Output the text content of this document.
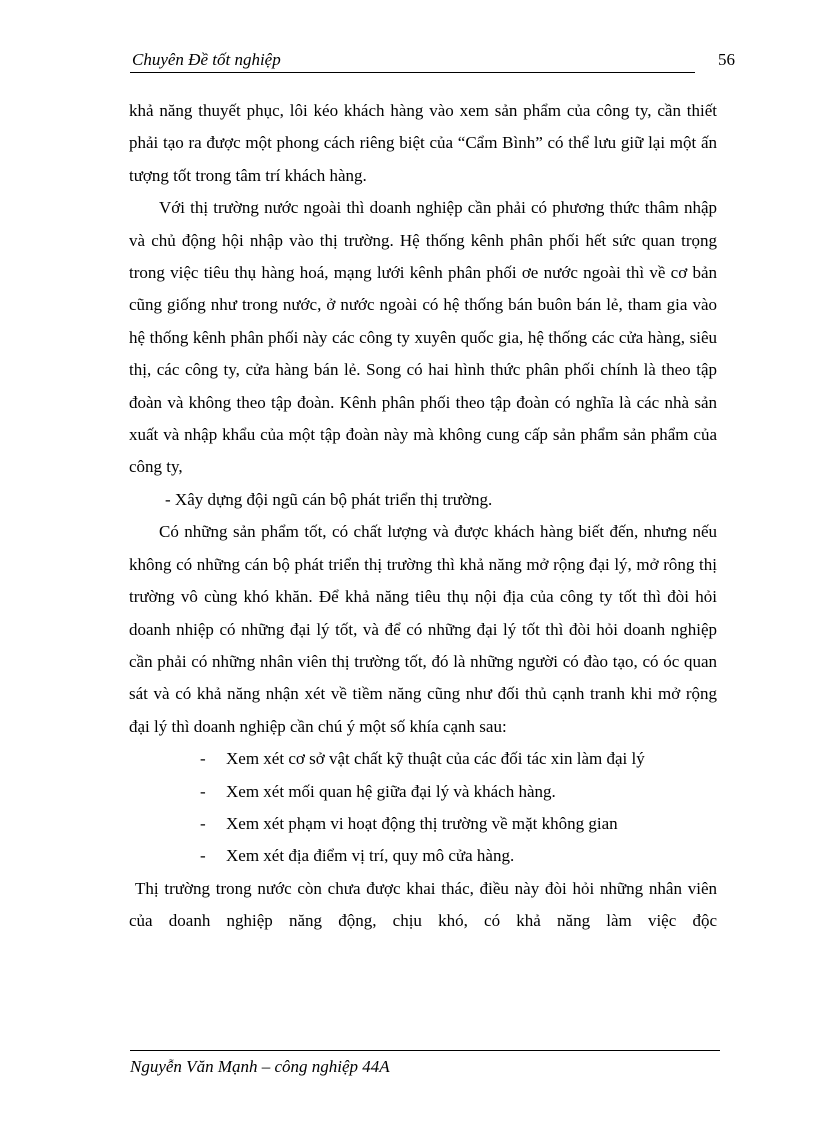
Chuyên Đề tốt nghiệp	56

khả năng thuyết phục, lôi kéo khách hàng vào xem sản phẩm của công ty, cần thiết phải tạo ra được một phong cách riêng biệt của “Cẩm Bình” có thể lưu giữ lại một ấn tượng tốt trong tâm trí khách hàng.

Với thị trường nước ngoài thì doanh nghiệp cần phải có phương thức thâm nhập và chủ động hội nhập vào thị trường. Hệ thống kênh phân phối hết sức quan trọng trong việc tiêu thụ hàng hoá, mạng lưới kênh phân phối ơe nước ngoài thì về cơ bản cũng giống như trong nước, ở nước ngoài có hệ thống bán buôn bán lẻ, tham gia vào hệ thống kênh phân phối này các công ty xuyên quốc gia, hệ thống các cửa hàng, siêu thị, các công ty, cửa hàng bán lẻ. Song có hai hình thức phân phối chính là theo tập đoàn và không theo tập đoàn. Kênh phân phối theo tập đoàn có nghĩa là các nhà sản xuất và nhập khẩu của một tập đoàn này mà không cung cấp sản phẩm sản phẩm của công ty,

- Xây dựng đội ngũ cán bộ phát triển thị trường.

Có những sản phẩm tốt, có chất lượng và được khách hàng biết đến, nhưng nếu không có những cán bộ phát triển thị trường thì khả năng mở rộng đại lý, mở rông thị trường vô cùng khó khăn. Để khả năng tiêu thụ nội địa của công ty tốt thì đòi hỏi doanh nhiệp có những đại lý tốt, và để có những đại lý tốt thì đòi hỏi doanh nghiệp cần phải có những nhân viên thị trường tốt, đó là những người có đào tạo, có óc quan sát và có khả năng nhận xét về tiềm năng cũng như đối thủ cạnh tranh khi mở rộng đại lý thì doanh nghiệp cần chú ý một số khía cạnh sau:

- Xem xét cơ sở vật chất kỹ thuật của các đối tác xin làm đại lý
- Xem xét mối quan hệ giữa đại lý và khách hàng.
- Xem xét phạm vi hoạt động thị trường về mặt không gian
- Xem xét địa điểm vị trí, quy mô cửa hàng.

Thị trường trong nước còn chưa được khai thác, điều này đòi hỏi những nhân viên của doanh nghiệp năng động, chịu khó, có khả năng làm việc độc

Nguyễn Văn Mạnh – công nghiệp 44A
